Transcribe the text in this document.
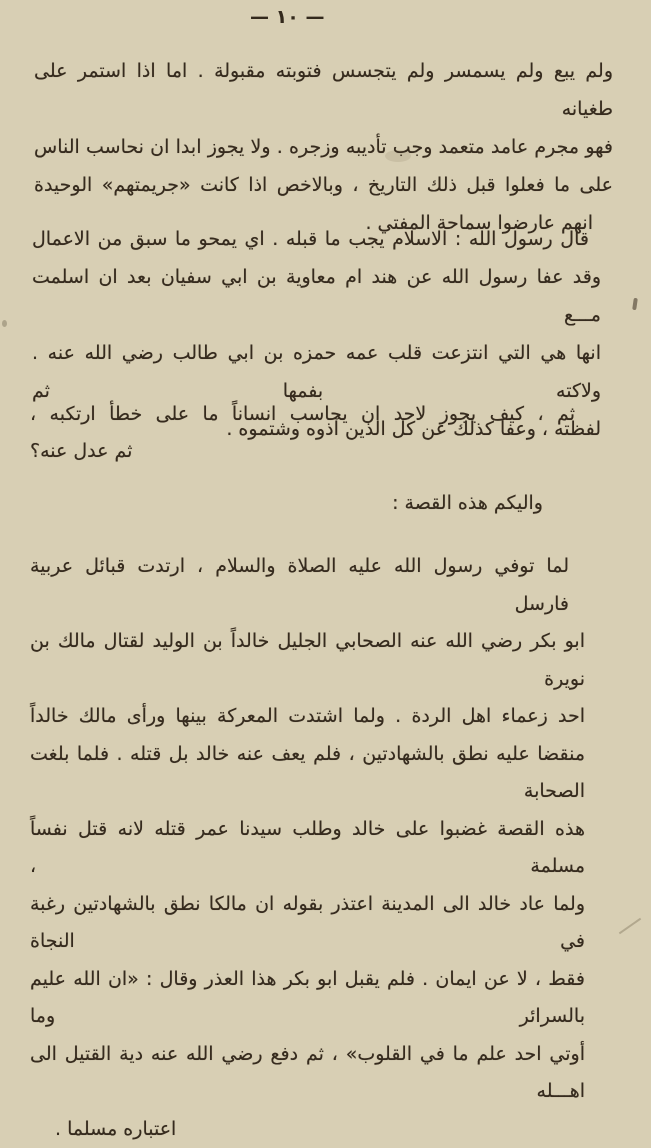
— ١٠ —
ولم يبع ولم يسمسر ولم يتجسس فتوبته مقبولة . اما اذا استمر على طغيانه
فهو مجرم عامد متعمد وجب تأديبه وزجره . ولا يجوز ابدا ان نحاسب الناس
على ما فعلوا قبل ذلك التاريخ ، وبالاخص اذا كانت «جريمتهم» الوحيدة
انهم عارضوا سماحة المفتي .
قال رسول الله : الاسلام يجب ما قبله . اي يمحو ما سبق من الاعمال
وقد عفا رسول الله عن هند ام معاوية بن ابي سفيان بعد ان اسلمت مـــع
انها هي التي انتزعت قلب عمه حمزه بن ابي طالب رضي الله عنه . ولاكته بفمها ثم
لفظته ، وعفا كذلك عن كل الذين آذوه وشتموه .
ثم ، كيف يجوز لاحد ان يحاسب انساناً ما على خطأ ارتكبه ،
ثم عدل عنه؟
واليكم هذه القصة :
لما توفي رسول الله عليه الصلاة والسلام ، ارتدت قبائل عربية فارسل
ابو بكر رضي الله عنه الصحابي الجليل خالداً بن الوليد لقتال مالك بن نويرة
احد زعماء اهل الردة . ولما اشتدت المعركة بينها ورأى مالك خالداً
منقضا عليه نطق بالشهادتين ، فلم يعف عنه خالد بل قتله . فلما بلغت الصحابة
هذه القصة غضبوا على خالد وطلب سيدنا عمر قتله لانه قتل نفساً مسلمة ،
ولما عاد خالد الى المدينة اعتذر بقوله ان مالكا نطق بالشهادتين رغبة في النجاة
فقط ، لا عن ايمان . فلم يقبل ابو بكر هذا العذر وقال : «ان الله عليم بالسرائر وما
أوتي احد علم ما في القلوب» ، ثم دفع رضي الله عنه دية القتيل الى اهـــله
اعتباره مسلما .
